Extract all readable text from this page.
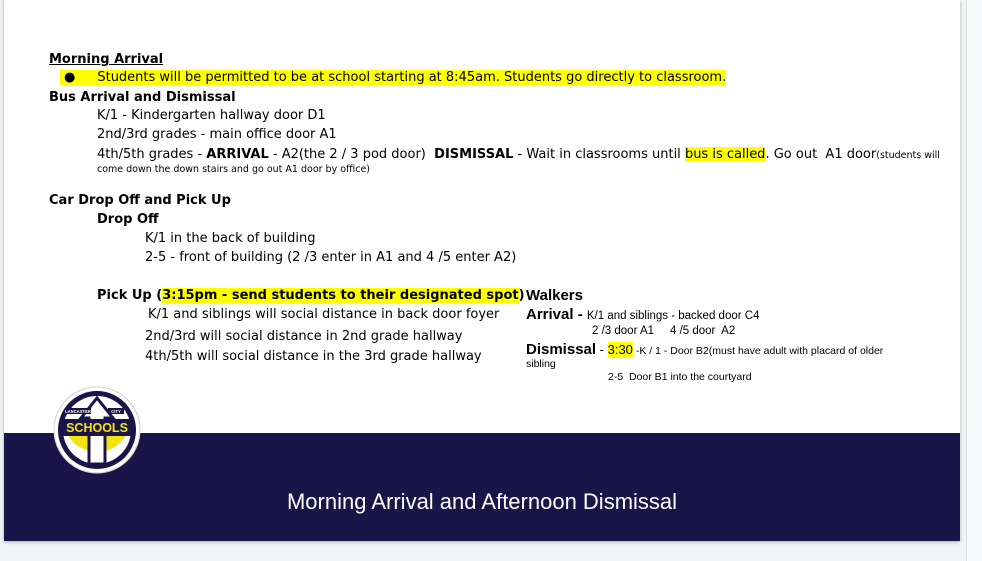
Morning Arrival
● Students will be permitted to be at school starting at 8:45am. Students go directly to classroom.
Bus Arrival and Dismissal
K/1 - Kindergarten hallway door D1
2nd/3rd grades - main office door A1
4th/5th grades - ARRIVAL - A2(the 2 / 3 pod door)  DISMISSAL - Wait in classrooms until bus is called. Go out  A1 door(students will
come down the down stairs and go out A1 door by office)
Car Drop Off and Pick Up
Drop Off
K/1 in the back of building
2-5 - front of building (2 /3 enter in A1 and 4 /5 enter A2)
Pick Up (3:15pm - send students to their designated spot)
K/1 and siblings will social distance in back door foyer
2nd/3rd will social distance in 2nd grade hallway
4th/5th will social distance in the 3rd grade hallway
Walkers
Arrival - K/1 and siblings - backed door C4
2 /3 door A1     4 /5 door  A2
Dismissal - 3:30 -K / 1 - Door B2(must have adult with placard of older
sibling
2-5  Door B1 into the courtyard
Morning Arrival and Afternoon Dismissal
SCHOOLS
LANCASTER	CITY
